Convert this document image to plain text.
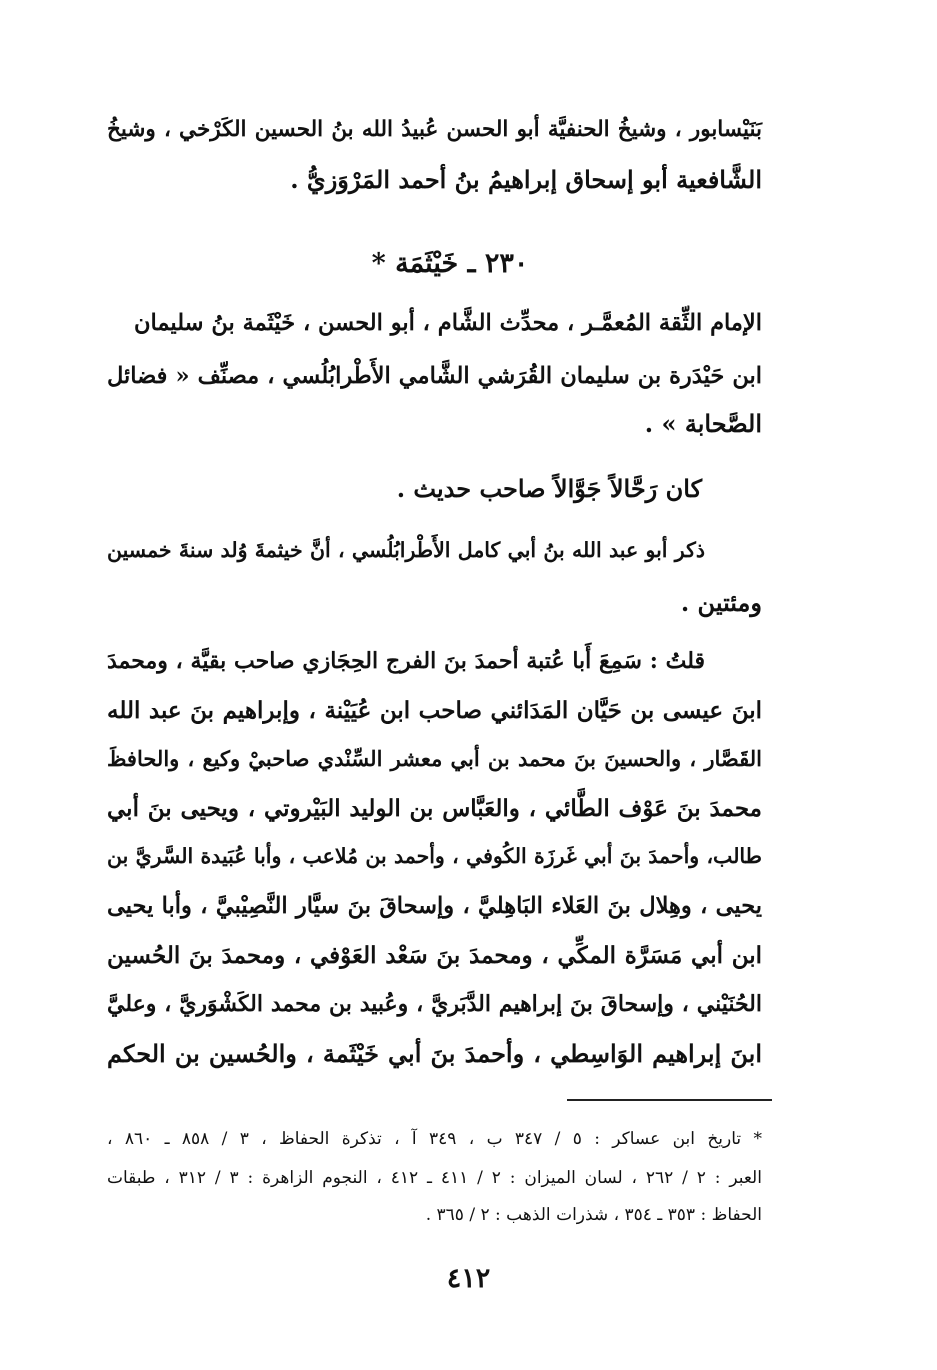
بَنَيْسابور ، وشيخُ الحنفيَّة أبو الحسن عُبيدُ الله بنُ الحسين الكَرْخي ، وشيخُ
الشَّافعية أبو إسحاق إبراهيمُ بنُ أحمد المَرْوَزيُّ .
٢٣٠ ـ خَيْثَمَة *
الإمام الثِّقة المُعمَّـر ، محدِّث الشَّام ، أبو الحسن ، خَيْثَمة بنُ سليمان
ابن حَيْدَرة بن سليمان القُرَشي الشَّامي الأَطْرابُلُسي ، مصنِّف « فضائل
الصَّحابة » .
كان رَحَّالاً جَوَّالاً صاحب حديث .
ذكر أبو عبد الله بنُ أبي كامل الأَطْرابُلُسي ، أنَّ خيثمةَ وُلد سنةَ خمسين
ومئتين .
قلتُ : سَمِعَ أَبا عُتبة أحمدَ بنَ الفرج الحِجَازي صاحب بقيَّة ، ومحمدَ
ابنَ عيسى بن حَيَّان المَدَائني صاحب ابن عُيَيْنة ، وإبراهيم بنَ عبد الله
القَصَّار ، والحسينَ بنَ محمد بن أبي معشر السِّنْدي صاحبيْ وكيع ، والحافظَ
محمدَ بنَ عَوْف الطَّائي ، والعَبَّاس بن الوليد البَيْروتي ، ويحيى بنَ أبي
طالب، وأحمدَ بنَ أبي غَرزَة الكُوفي ، وأحمد بن مُلاعب ، وأبا عُبَيدة السَّريَّ بن
يحيى ، وهِلال بنَ العَلاء البَاهِليَّ ، وإسحاقَ بنَ سيَّار النَّصِيْبيَّ ، وأبا يحيى
ابن أبي مَسَرَّة المكِّي ، ومحمدَ بنَ سَعْد العَوْفي ، ومحمدَ بنَ الحُسين
الحُنَيْني ، وإسحاقَ بنَ إبراهيم الدَّبَريَّ ، وعُبيد بن محمد الكَشْوَريَّ ، وعليَّ
ابنَ إبراهيم الوَاسِطي ، وأحمدَ بنَ أبي خَيْثَمة ، والحُسين بن الحكم
* تاريخ ابن عساكر : ٥ / ٣٤٧ ب ، ٣٤٩ آ ، تذكرة الحفاظ ، ٣ / ٨٥٨ ـ ٨٦٠ ،
العبر : ٢ / ٢٦٢ ، لسان الميزان : ٢ / ٤١١ ـ ٤١٢ ، النجوم الزاهرة : ٣ / ٣١٢ ، طبقات
الحفاظ : ٣٥٣ ـ ٣٥٤ ، شذرات الذهب : ٢ / ٣٦٥ .
٤١٢
